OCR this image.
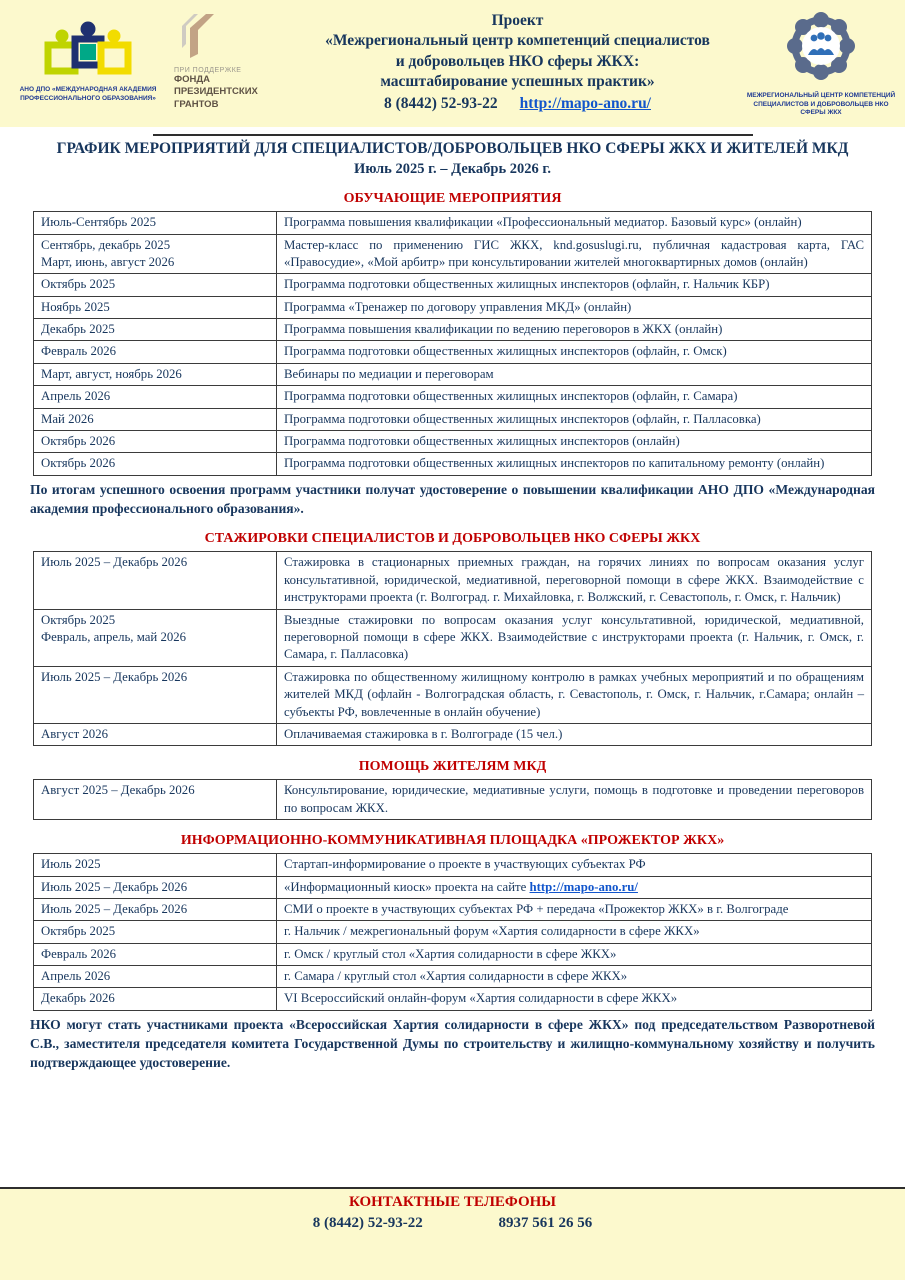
АНО ДПО «МЕЖДУНАРОДНАЯ АКАДЕМИЯ ПРОФЕССИОНАЛЬНОГО ОБРАЗОВАНИЯ»
ПРИ ПОДДЕРЖКЕ
ФОНДА
ПРЕЗИДЕНТСКИХ
ГРАНТОВ
Проект
«Межрегиональный центр компетенций специалистов
и добровольцев НКО сферы ЖКХ:
масштабирование успешных практик»
8 (8442) 52-93-22 http://mapo-ano.ru/	МЕЖРЕГИОНАЛЬНЫЙ ЦЕНТР КОМПЕТЕНЦИЙ СПЕЦИАЛИСТОВ И ДОБРОВОЛЬЦЕВ НКО СФЕРЫ ЖКХ
ГРАФИК МЕРОПРИЯТИЙ ДЛЯ СПЕЦИАЛИСТОВ/ДОБРОВОЛЬЦЕВ НКО СФЕРЫ ЖКХ И ЖИТЕЛЕЙ МКД
Июль 2025 г. – Декабрь 2026 г.
ОБУЧАЮЩИЕ МЕРОПРИЯТИЯ
Июль-Сентябрь 2025	Программа повышения квалификации «Профессиональный медиатор. Базовый курс» (онлайн)

Сентябрь, декабрь 2025
Март, июнь, август 2026	Мастер-класс по применению ГИС ЖКХ, knd.gosuslugi.ru, публичная кадастровая карта, ГАС «Правосудие», «Мой арбитр» при консультировании жителей многоквартирных домов (онлайн)

Октябрь 2025	Программа подготовки общественных жилищных инспекторов (офлайн, г. Нальчик КБР)

Ноябрь 2025	Программа «Тренажер по договору управления МКД» (онлайн)

Декабрь 2025	Программа повышения квалификации по ведению переговоров в ЖКХ (онлайн)

Февраль 2026	Программа подготовки общественных жилищных инспекторов (офлайн, г. Омск)

Март, август, ноябрь 2026	Вебинары по медиации и переговорам

Апрель 2026	Программа подготовки общественных жилищных инспекторов (офлайн, г. Самара)

Май 2026	Программа подготовки общественных жилищных инспекторов (офлайн, г. Палласовка)

Октябрь 2026	Программа подготовки общественных жилищных инспекторов (онлайн)

Октябрь 2026	Программа подготовки общественных жилищных инспекторов по капитальному ремонту (онлайн)

По итогам успешного освоения программ участники получат удостоверение о повышении квалификации АНО ДПО «Международная академия профессионального образования».

СТАЖИРОВКИ СПЕЦИАЛИСТОВ И ДОБРОВОЛЬЦЕВ НКО СФЕРЫ ЖКХ
Июль 2025 – Декабрь 2026	Стажировка в стационарных приемных граждан, на горячих линиях по вопросам оказания услуг консультативной, юридической, медиативной, переговорной помощи в сфере ЖКХ. Взаимодействие с инструкторами проекта (г. Волгоград. г. Михайловка, г. Волжский, г. Севастополь, г. Омск, г. Нальчик)

Октябрь 2025
Февраль, апрель, май 2026	Выездные стажировки по вопросам оказания услуг консультативной, юридической, медиативной, переговорной помощи в сфере ЖКХ. Взаимодействие с инструкторами проекта (г. Нальчик, г. Омск, г. Самара, г. Палласовка)

Июль 2025 – Декабрь 2026	Стажировка по общественному жилищному контролю в рамках учебных мероприятий и по обращениям жителей МКД (офлайн - Волгоградская область, г. Севастополь, г. Омск, г. Нальчик, г.Самара; онлайн – субъекты РФ, вовлеченные в онлайн обучение)

Август 2026	Оплачиваемая стажировка в г. Волгограде (15 чел.)
ПОМОЩЬ ЖИТЕЛЯМ МКД
Август 2025 – Декабрь 2026	Консультирование, юридические, медиативные услуги, помощь в подготовке и проведении переговоров по вопросам ЖКХ.
ИНФОРМАЦИОННО-КОММУНИКАТИВНАЯ ПЛОЩАДКА «ПРОЖЕКТОР ЖКХ»
Июль 2025	Стартап-информирование о проекте в участвующих субъектах РФ

Июль 2025 – Декабрь 2026	«Информационный киоск» проекта на сайте http://mapo-ano.ru/

Июль 2025 – Декабрь 2026	СМИ о проекте в участвующих субъектах РФ + передача «Прожектор ЖКХ» в г. Волгограде

Октябрь 2025	г. Нальчик / межрегиональный форум «Хартия солидарности в сфере ЖКХ»

Февраль 2026	г. Омск / круглый стол «Хартия солидарности в сфере ЖКХ»

Апрель 2026	г. Самара / круглый стол «Хартия солидарности в сфере ЖКХ»

Декабрь 2026	VI Всероссийский онлайн-форум «Хартия солидарности в сфере ЖКХ»

НКО могут стать участниками проекта «Всероссийская Хартия солидарности в сфере ЖКХ» под председательством Разворотневой С.В., заместителя председателя комитета Государственной Думы по строительству и жилищно-коммунальному хозяйству и получить подтверждающее удостоверение.

КОНТАКТНЫЕ ТЕЛЕФОНЫ
8 (8442) 52-93-22	8937 561 26 56
